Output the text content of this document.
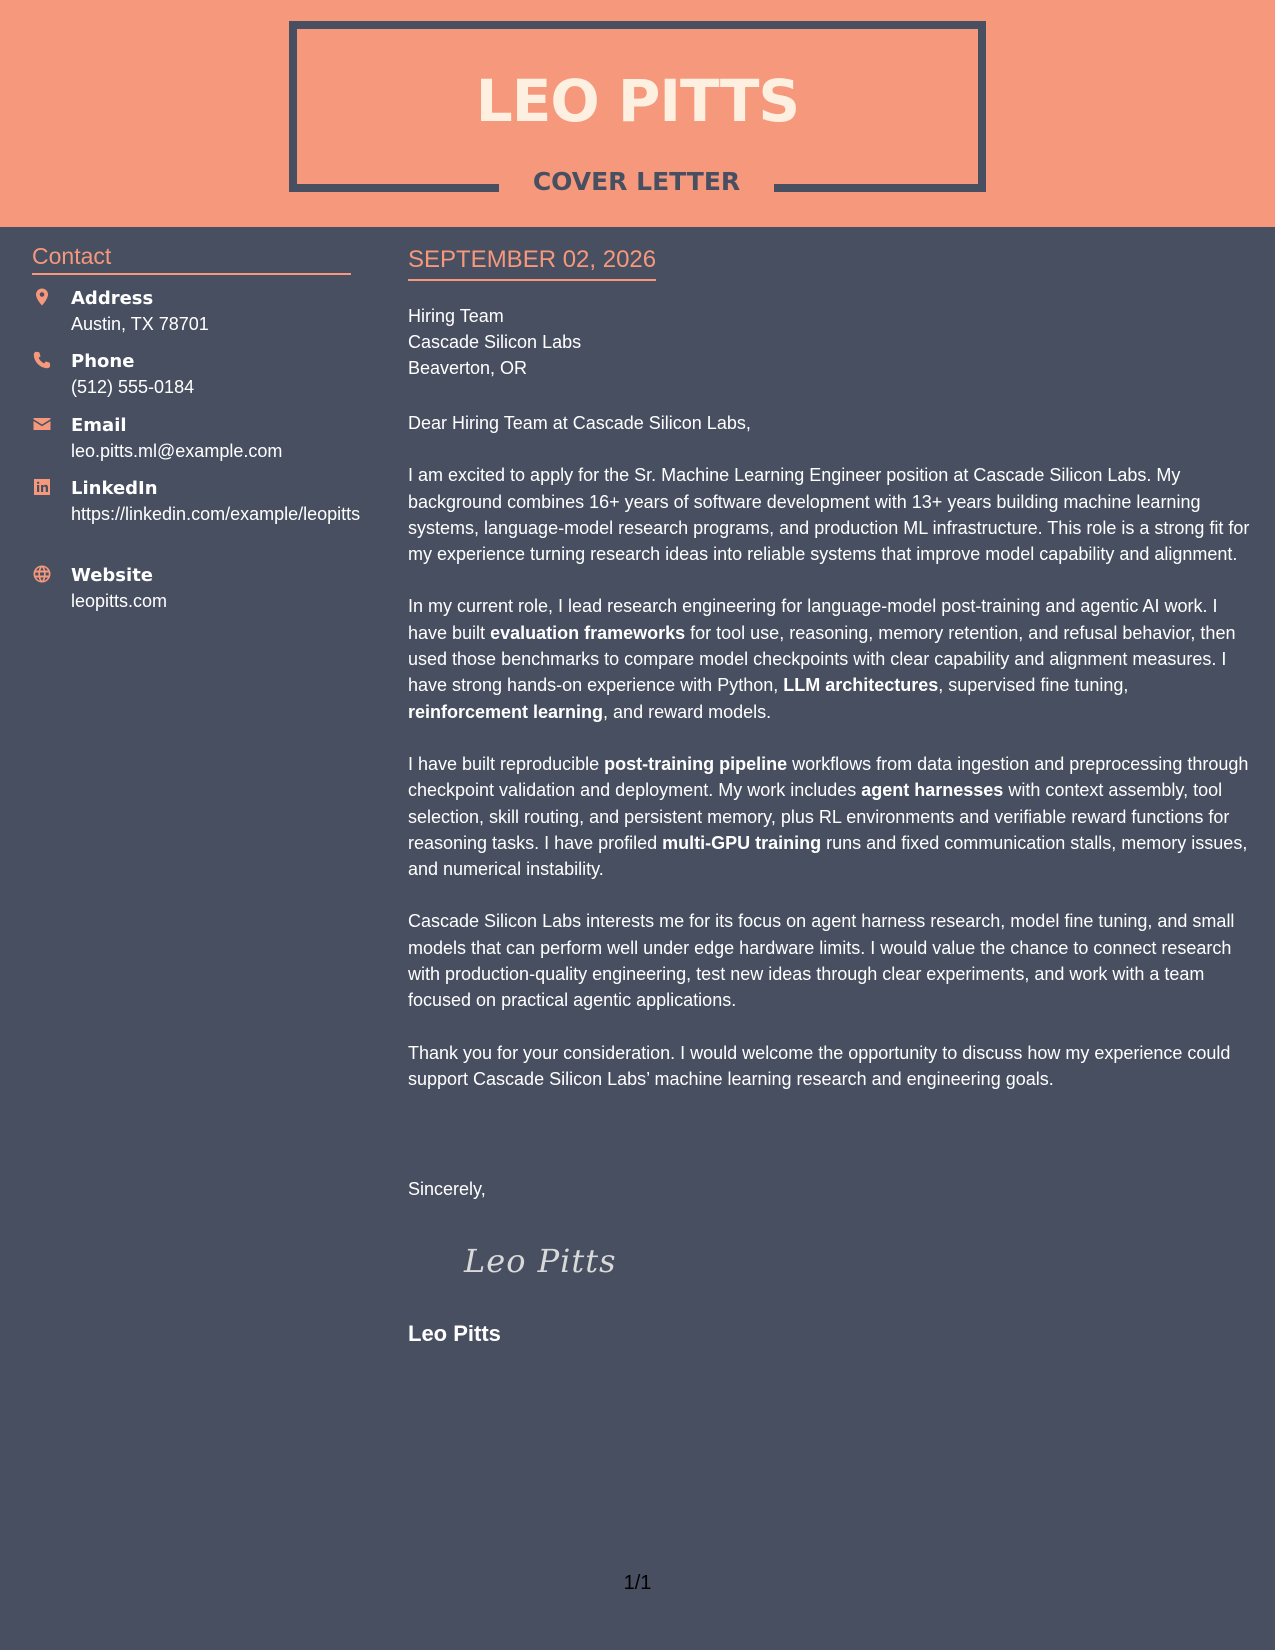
LEO PITTS
COVER LETTER
Contact
Address
Austin, TX 78701
Phone
(512) 555-0184
Email
leo.pitts.ml@example.com
LinkedIn
https://linkedin.com/example/leopitts
Website
leopitts.com
SEPTEMBER 02, 2026
Hiring Team
Cascade Silicon Labs
Beaverton, OR

Dear Hiring Team at Cascade Silicon Labs,

I am excited to apply for the Sr. Machine Learning Engineer position at Cascade Silicon Labs. My background combines 16+ years of software development with 13+ years building machine learning systems, language-model research programs, and production ML infrastructure. This role is a strong fit for my experience turning research ideas into reliable systems that improve model capability and alignment.

In my current role, I lead research engineering for language-model post-training and agentic AI work. I have built evaluation frameworks for tool use, reasoning, memory retention, and refusal behavior, then used those benchmarks to compare model checkpoints with clear capability and alignment measures. I have strong hands-on experience with Python, LLM architectures, supervised fine tuning, reinforcement learning, and reward models.

I have built reproducible post-training pipeline workflows from data ingestion and preprocessing through checkpoint validation and deployment. My work includes agent harnesses with context assembly, tool selection, skill routing, and persistent memory, plus RL environments and verifiable reward functions for reasoning tasks. I have profiled multi-GPU training runs and fixed communication stalls, memory issues, and numerical instability.

Cascade Silicon Labs interests me for its focus on agent harness research, model fine tuning, and small models that can perform well under edge hardware limits. I would value the chance to connect research with production-quality engineering, test new ideas through clear experiments, and work with a team focused on practical agentic applications.

Thank you for your consideration. I would welcome the opportunity to discuss how my experience could support Cascade Silicon Labs’ machine learning research and engineering goals.

Sincerely,
Leo Pitts
Leo Pitts
1/1
